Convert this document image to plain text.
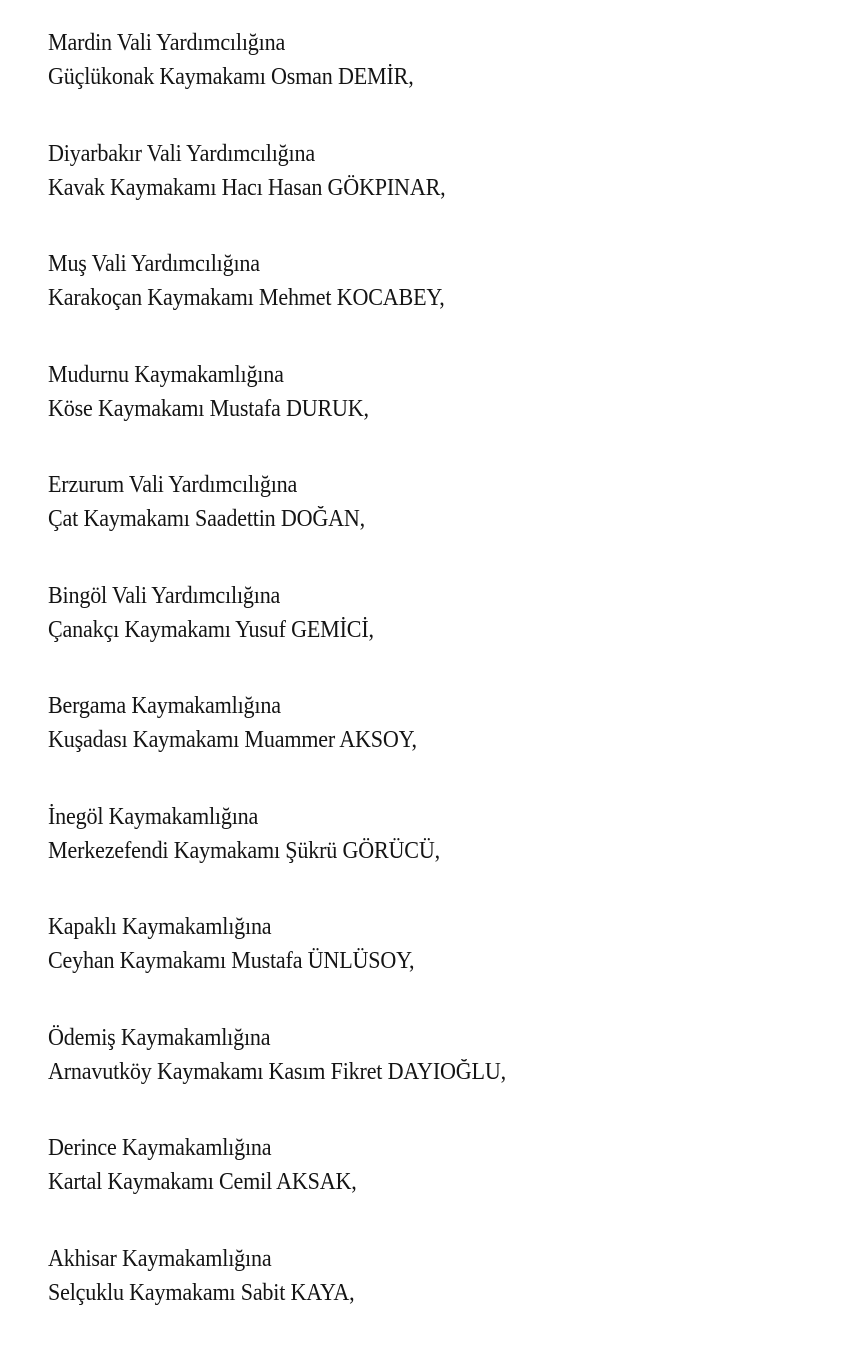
Mardin Vali Yardımcılığına
Güçlükonak Kaymakamı Osman DEMİR,
Diyarbakır Vali Yardımcılığına
Kavak Kaymakamı Hacı Hasan GÖKPINAR,
Muş Vali Yardımcılığına
Karakoçan Kaymakamı Mehmet KOCABEY,
Mudurnu Kaymakamlığına
Köse Kaymakamı Mustafa DURUK,
Erzurum Vali Yardımcılığına
Çat Kaymakamı Saadettin DOĞAN,
Bingöl Vali Yardımcılığına
Çanakçı Kaymakamı Yusuf GEMİCİ,
Bergama Kaymakamlığına
Kuşadası Kaymakamı Muammer AKSOY,
İnegöl Kaymakamlığına
Merkezefendi Kaymakamı Şükrü GÖRÜCÜ,
Kapaklı Kaymakamlığına
Ceyhan Kaymakamı Mustafa ÜNLÜSOY,
Ödemiş Kaymakamlığına
Arnavutköy Kaymakamı Kasım Fikret DAYIOĞLU,
Derince Kaymakamlığına
Kartal Kaymakamı Cemil AKSAK,
Akhisar Kaymakamlığına
Selçuklu Kaymakamı Sabit KAYA,
